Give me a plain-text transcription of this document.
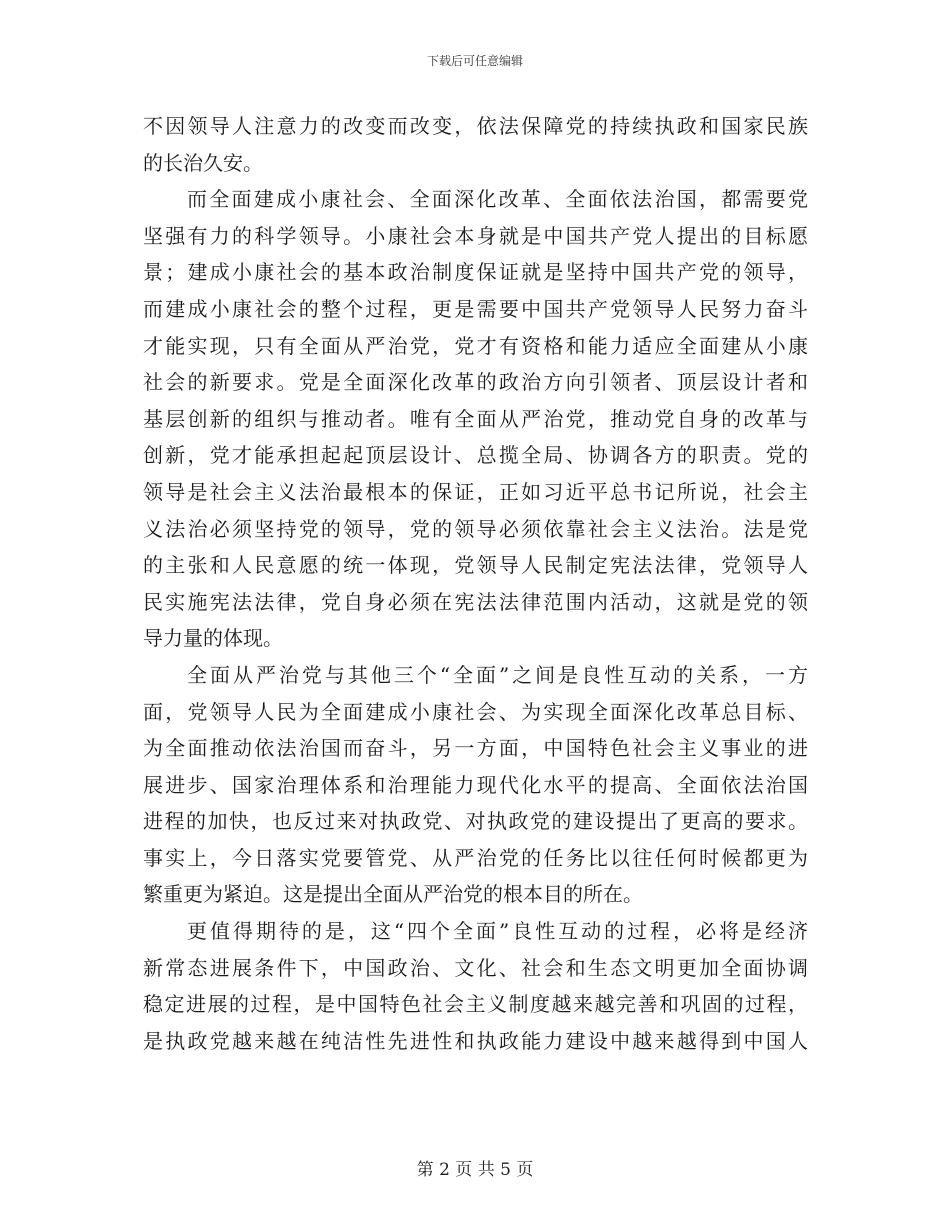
下载后可任意编辑
不因领导人注意力的改变而改变，依法保障党的持续执政和国家民族
的长治久安。
而全面建成小康社会、全面深化改革、全面依法治国，都需要党
坚强有力的科学领导。小康社会本身就是中国共产党人提出的目标愿
景；建成小康社会的基本政治制度保证就是坚持中国共产党的领导，
而建成小康社会的整个过程，更是需要中国共产党领导人民努力奋斗
才能实现，只有全面从严治党，党才有资格和能力适应全面建从小康
社会的新要求。党是全面深化改革的政治方向引领者、顶层设计者和
基层创新的组织与推动者。唯有全面从严治党，推动党自身的改革与
创新，党才能承担起起顶层设计、总揽全局、协调各方的职责。党的
领导是社会主义法治最根本的保证，正如习近平总书记所说，社会主
义法治必须坚持党的领导，党的领导必须依靠社会主义法治。法是党
的主张和人民意愿的统一体现，党领导人民制定宪法法律，党领导人
民实施宪法法律，党自身必须在宪法法律范围内活动，这就是党的领
导力量的体现。
全面从严治党与其他三个“全面”之间是良性互动的关系，一方
面，党领导人民为全面建成小康社会、为实现全面深化改革总目标、
为全面推动依法治国而奋斗，另一方面，中国特色社会主义事业的进
展进步、国家治理体系和治理能力现代化水平的提高、全面依法治国
进程的加快，也反过来对执政党、对执政党的建设提出了更高的要求。
事实上，今日落实党要管党、从严治党的任务比以往任何时候都更为
繁重更为紧迫。这是提出全面从严治党的根本目的所在。
更值得期待的是，这“四个全面”良性互动的过程，必将是经济
新常态进展条件下，中国政治、文化、社会和生态文明更加全面协调
稳定进展的过程，是中国特色社会主义制度越来越完善和巩固的过程，
是执政党越来越在纯洁性先进性和执政能力建设中越来越得到中国人
第 2 页 共 5 页
